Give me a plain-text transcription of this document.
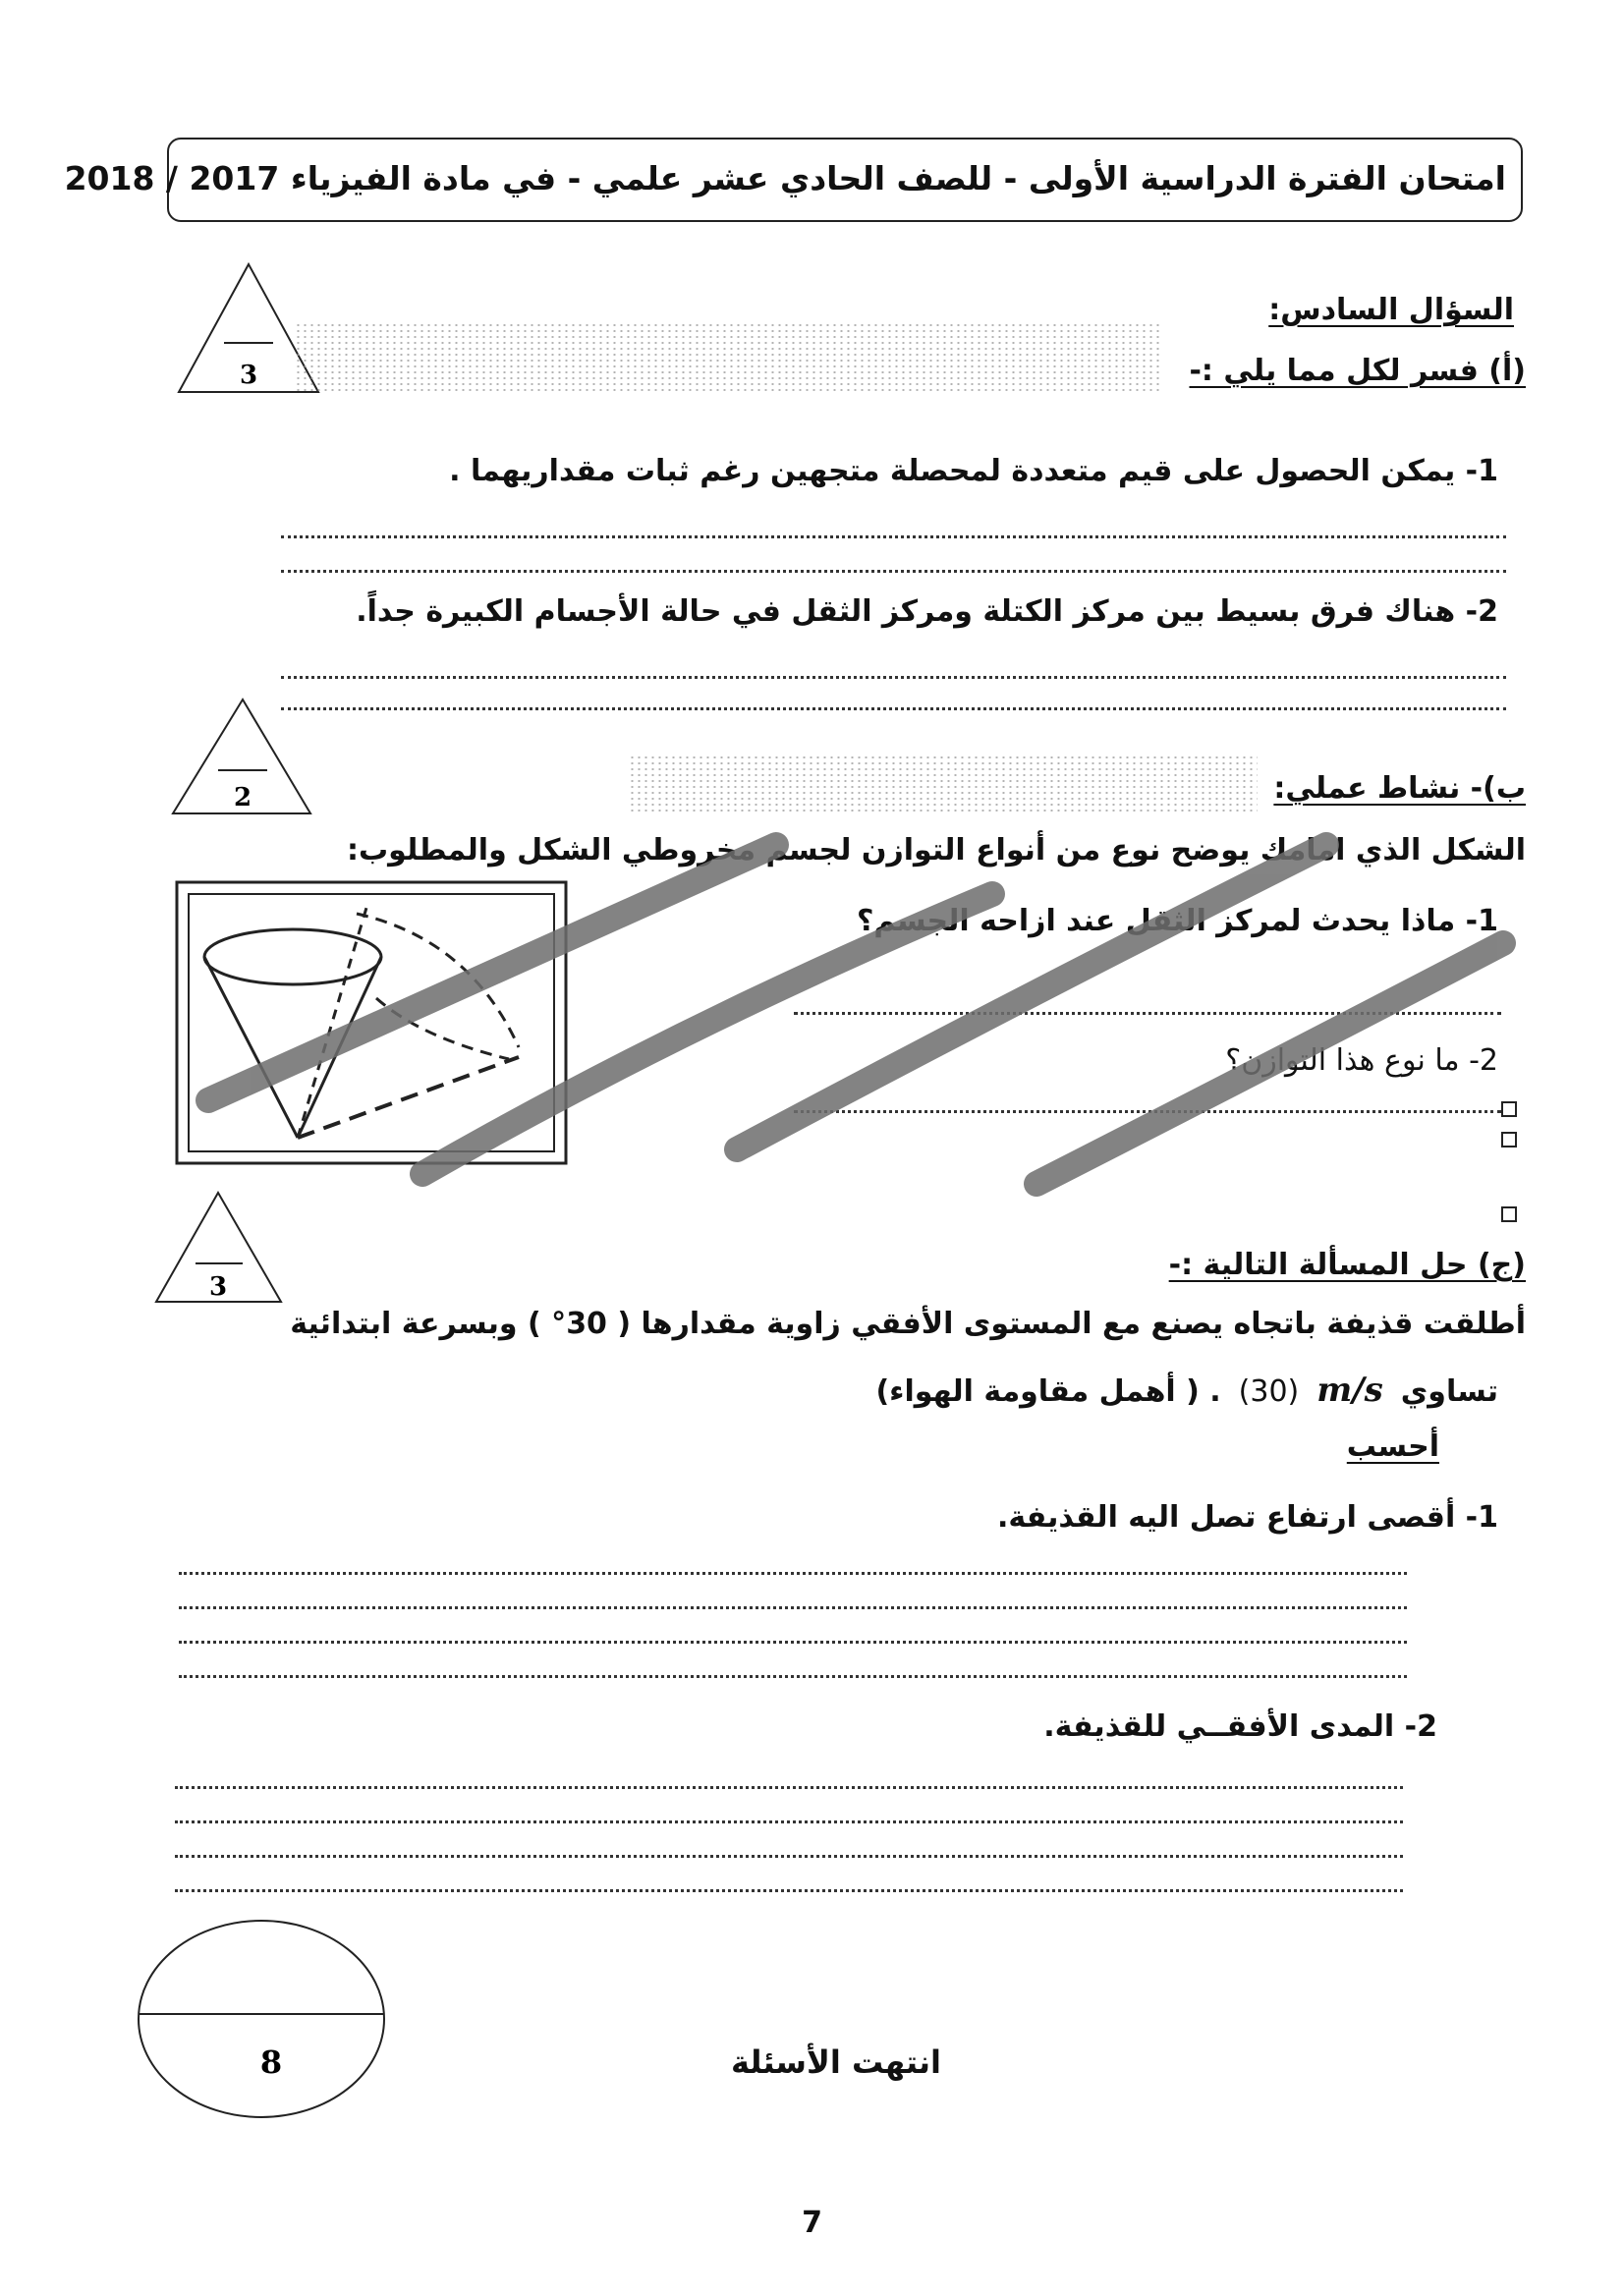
امتحان الفترة الدراسية الأولى - للصف الحادي عشر علمي - في مادة الفيزياء 2017 / 2018
السؤال السادس:
3	(أ) فسر لكل مما يلي :-
1- يمكن الحصول على قيم متعددة لمحصلة متجهين رغم ثبات مقداريهما .
2- هناك فرق بسيط بين مركز الكتلة ومركز الثقل في حالة الأجسام الكبيرة جداً.
2	ب)- نشاط عملي:
الشكل الذي امامك يوضح نوع من أنواع التوازن لجسم مخروطي الشكل والمطلوب:
1- ماذا يحدث لمركز الثقل عند ازاحه الجسم؟
2- ما نوع هذا التوازن؟
3
(ج) حل المسألة التالية :-
أطلقت قذيفة باتجاه يصنع مع المستوى الأفقي زاوية مقدارها ( 30° ) وبسرعة ابتدائية
تساوي
m/s
(30)
. ( أهمل مقاومة الهواء)
أحسب
1- أقصى ارتفاع تصل اليه القذيفة.
2- المدى الأفقــي للقذيفة.
8	انتهت الأسئلة
7
